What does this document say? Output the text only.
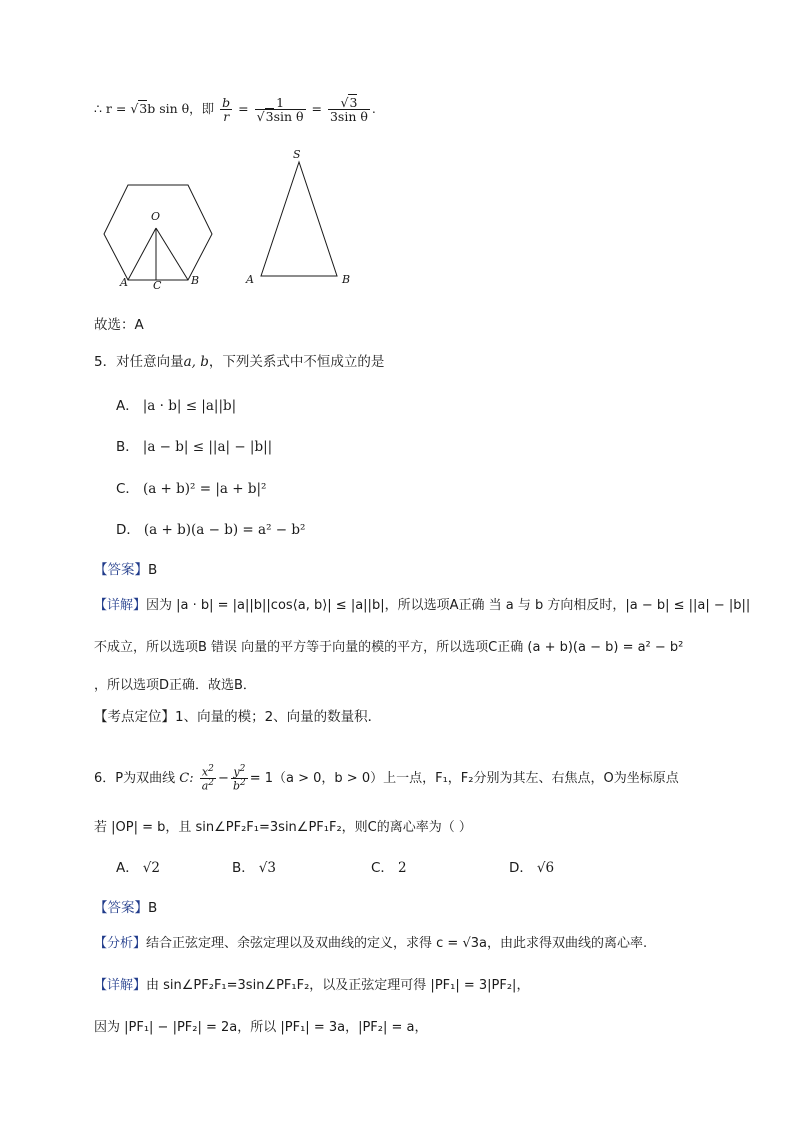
∴ r = √3b sin θ，即 $\frac{b}{r} = \frac{1}{\text{√3sin θ}} = \frac{√3}{\text{3sin θ}}$ .
O
A C	B
S
A	B
故选：A
5．对任意向量a, b，下列关系式中不恒成立的是
A． |a · b| ≤ |a||b|
B． |a − b| ≤ ||a| − |b||
C． (a + b)² = |a + b|²
D． (a + b)(a − b) = a² − b²
【答案】B
【详解】因为 |a · b| = |a||b||cos⟨a, b⟩| ≤ |a||b|，所以选项A正确 当 a 与 b 方向相反时，|a − b| ≤ ||a| − |b||
不成立，所以选项B 错误 向量的平方等于向量的模的平方，所以选项C正确 (a + b)(a − b) = a² − b²
，所以选项D正确．故选B．
【考点定位】1、向量的模；2、向量的数量积．
6．P为双曲线 C: $\frac{x^2}{a^2} - \frac{y^2}{b^2} = 1(a > 0$，b > 0）上一点，F₁，F₂分别为其左、右焦点，O为坐标原点
若 |OP| = b，且 sin∠PF₂F₁=3sin∠PF₁F₂，则C的离心率为（ ）
A． √2	B． √3	C． 2	D． √6
【答案】B
【分析】结合正弦定理、余弦定理以及双曲线的定义，求得 c = √3a，由此求得双曲线的离心率.
【详解】由 sin∠PF₂F₁=3sin∠PF₁F₂，以及正弦定理可得 |PF₁| = 3|PF₂|，
因为 |PF₁| − |PF₂| = 2a，所以 |PF₁| = 3a，|PF₂| = a，
